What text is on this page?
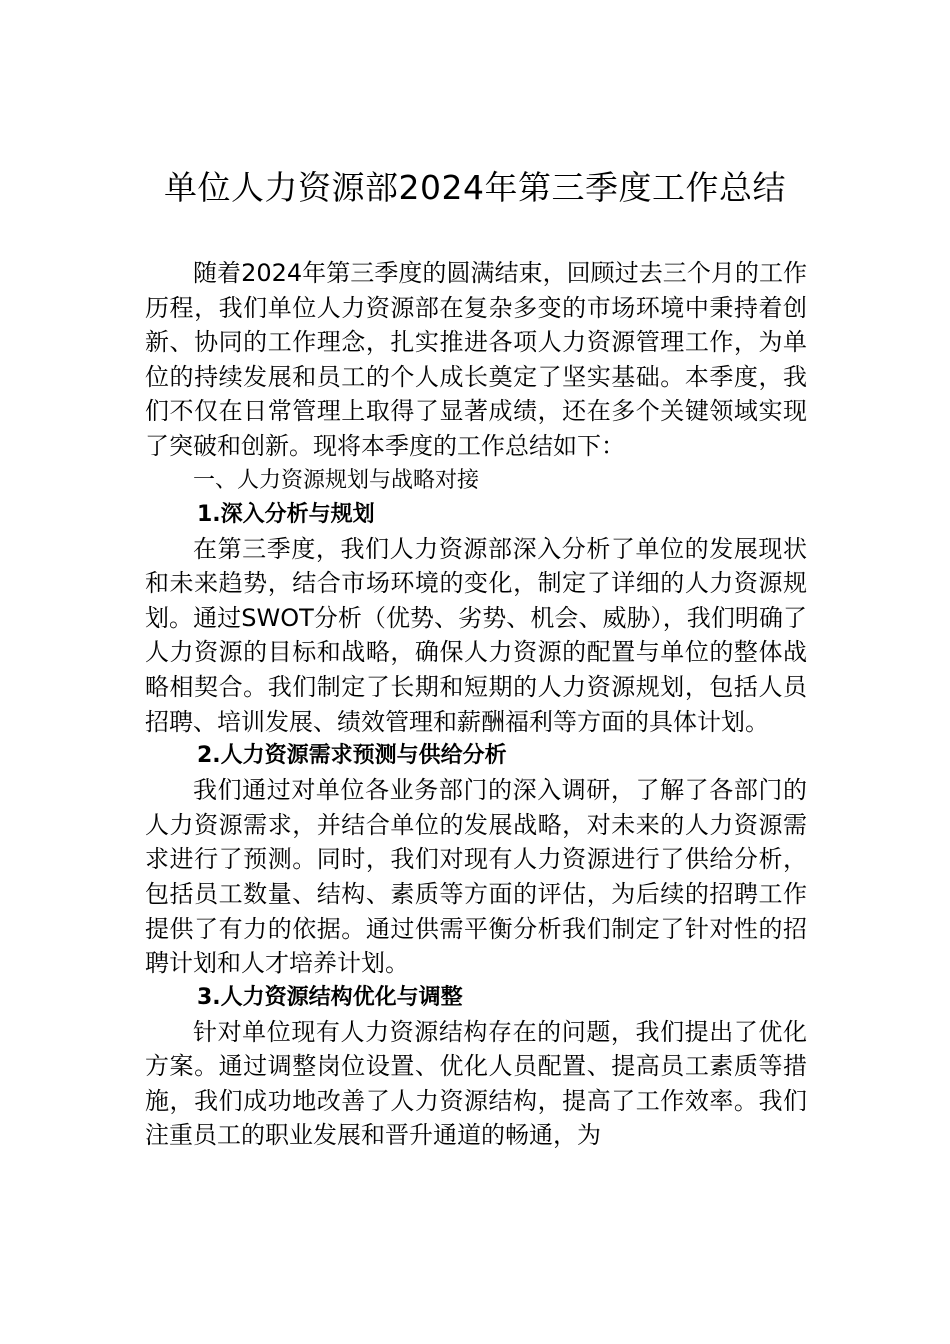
单位人力资源部2024年第三季度工作总结

随着2024年第三季度的圆满结束，回顾过去三个月的工作历程，我们单位人力资源部在复杂多变的市场环境中秉持着创新、协同的工作理念，扎实推进各项人力资源管理工作，为单位的持续发展和员工的个人成长奠定了坚实基础。本季度，我们不仅在日常管理上取得了显著成绩，还在多个关键领域实现了突破和创新。现将本季度的工作总结如下：

一、人力资源规划与战略对接

1.深入分析与规划

在第三季度，我们人力资源部深入分析了单位的发展现状和未来趋势，结合市场环境的变化，制定了详细的人力资源规划。通过SWOT分析（优势、劣势、机会、威胁），我们明确了人力资源的目标和战略，确保人力资源的配置与单位的整体战略相契合。我们制定了长期和短期的人力资源规划，包括人员招聘、培训发展、绩效管理和薪酬福利等方面的具体计划。

2.人力资源需求预测与供给分析

我们通过对单位各业务部门的深入调研，了解了各部门的人力资源需求，并结合单位的发展战略，对未来的人力资源需求进行了预测。同时，我们对现有人力资源进行了供给分析，包括员工数量、结构、素质等方面的评估，为后续的招聘工作提供了有力的依据。通过供需平衡分析我们制定了针对性的招聘计划和人才培养计划。

3.人力资源结构优化与调整

针对单位现有人力资源结构存在的问题，我们提出了优化方案。通过调整岗位设置、优化人员配置、提高员工素质等措施，我们成功地改善了人力资源结构，提高了工作效率。我们注重员工的职业发展和晋升通道的畅通，为
